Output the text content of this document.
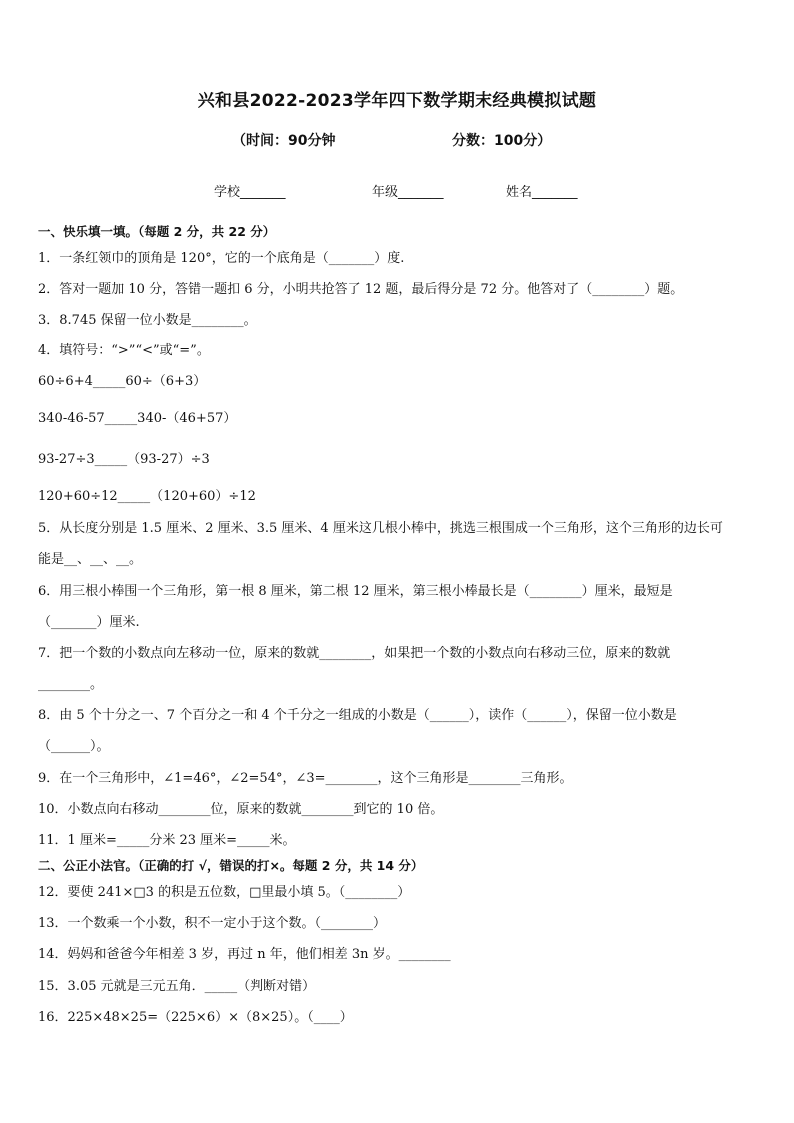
兴和县2022-2023学年四下数学期末经典模拟试题
（时间：90分钟	分数：100分）
学校_______	年级_______	姓名_______
一、快乐填一填。（每题 2 分，共 22 分）
1．一条红领巾的顶角是 120°，它的一个底角是（_______）度.
2．答对一题加 10 分，答错一题扣 6 分，小明共抢答了 12 题，最后得分是 72 分。他答对了（________）题。
3．8.745 保留一位小数是________。
4．填符号：“>”“<”或“=”。
60÷6+4_____60÷（6+3）
340-46-57_____340-（46+57）
93-27÷3_____（93-27）÷3
120+60÷12_____（120+60）÷12
5．从长度分别是 1.5 厘米、2 厘米、3.5 厘米、4 厘米这几根小棒中，挑选三根围成一个三角形，这个三角形的边长可
能是__、__、__。
6．用三根小棒围一个三角形，第一根 8 厘米，第二根 12 厘米，第三根小棒最长是（________）厘米，最短是
（_______）厘米.
7．把一个数的小数点向左移动一位，原来的数就________，如果把一个数的小数点向右移动三位，原来的数就
________。
8．由 5 个十分之一、7 个百分之一和 4 个千分之一组成的小数是（______），读作（______），保留一位小数是
（______）。
9．在一个三角形中，∠1=46°，∠2=54°，∠3=________，这个三角形是________三角形。
10．小数点向右移动________位，原来的数就________到它的 10 倍。
11．1 厘米=_____分米 23 厘米=_____米。
二、公正小法官。（正确的打 √，错误的打×。每题 2 分，共 14 分）
12．要使 241×□3 的积是五位数，□里最小填 5。（________）
13．一个数乘一个小数，积不一定小于这个数。（________）
14．妈妈和爸爸今年相差 3 岁，再过 n 年，他们相差 3n 岁。________
15．3.05 元就是三元五角．_____（判断对错）
16．225×48×25=（225×6）×（8×25）。（____）
